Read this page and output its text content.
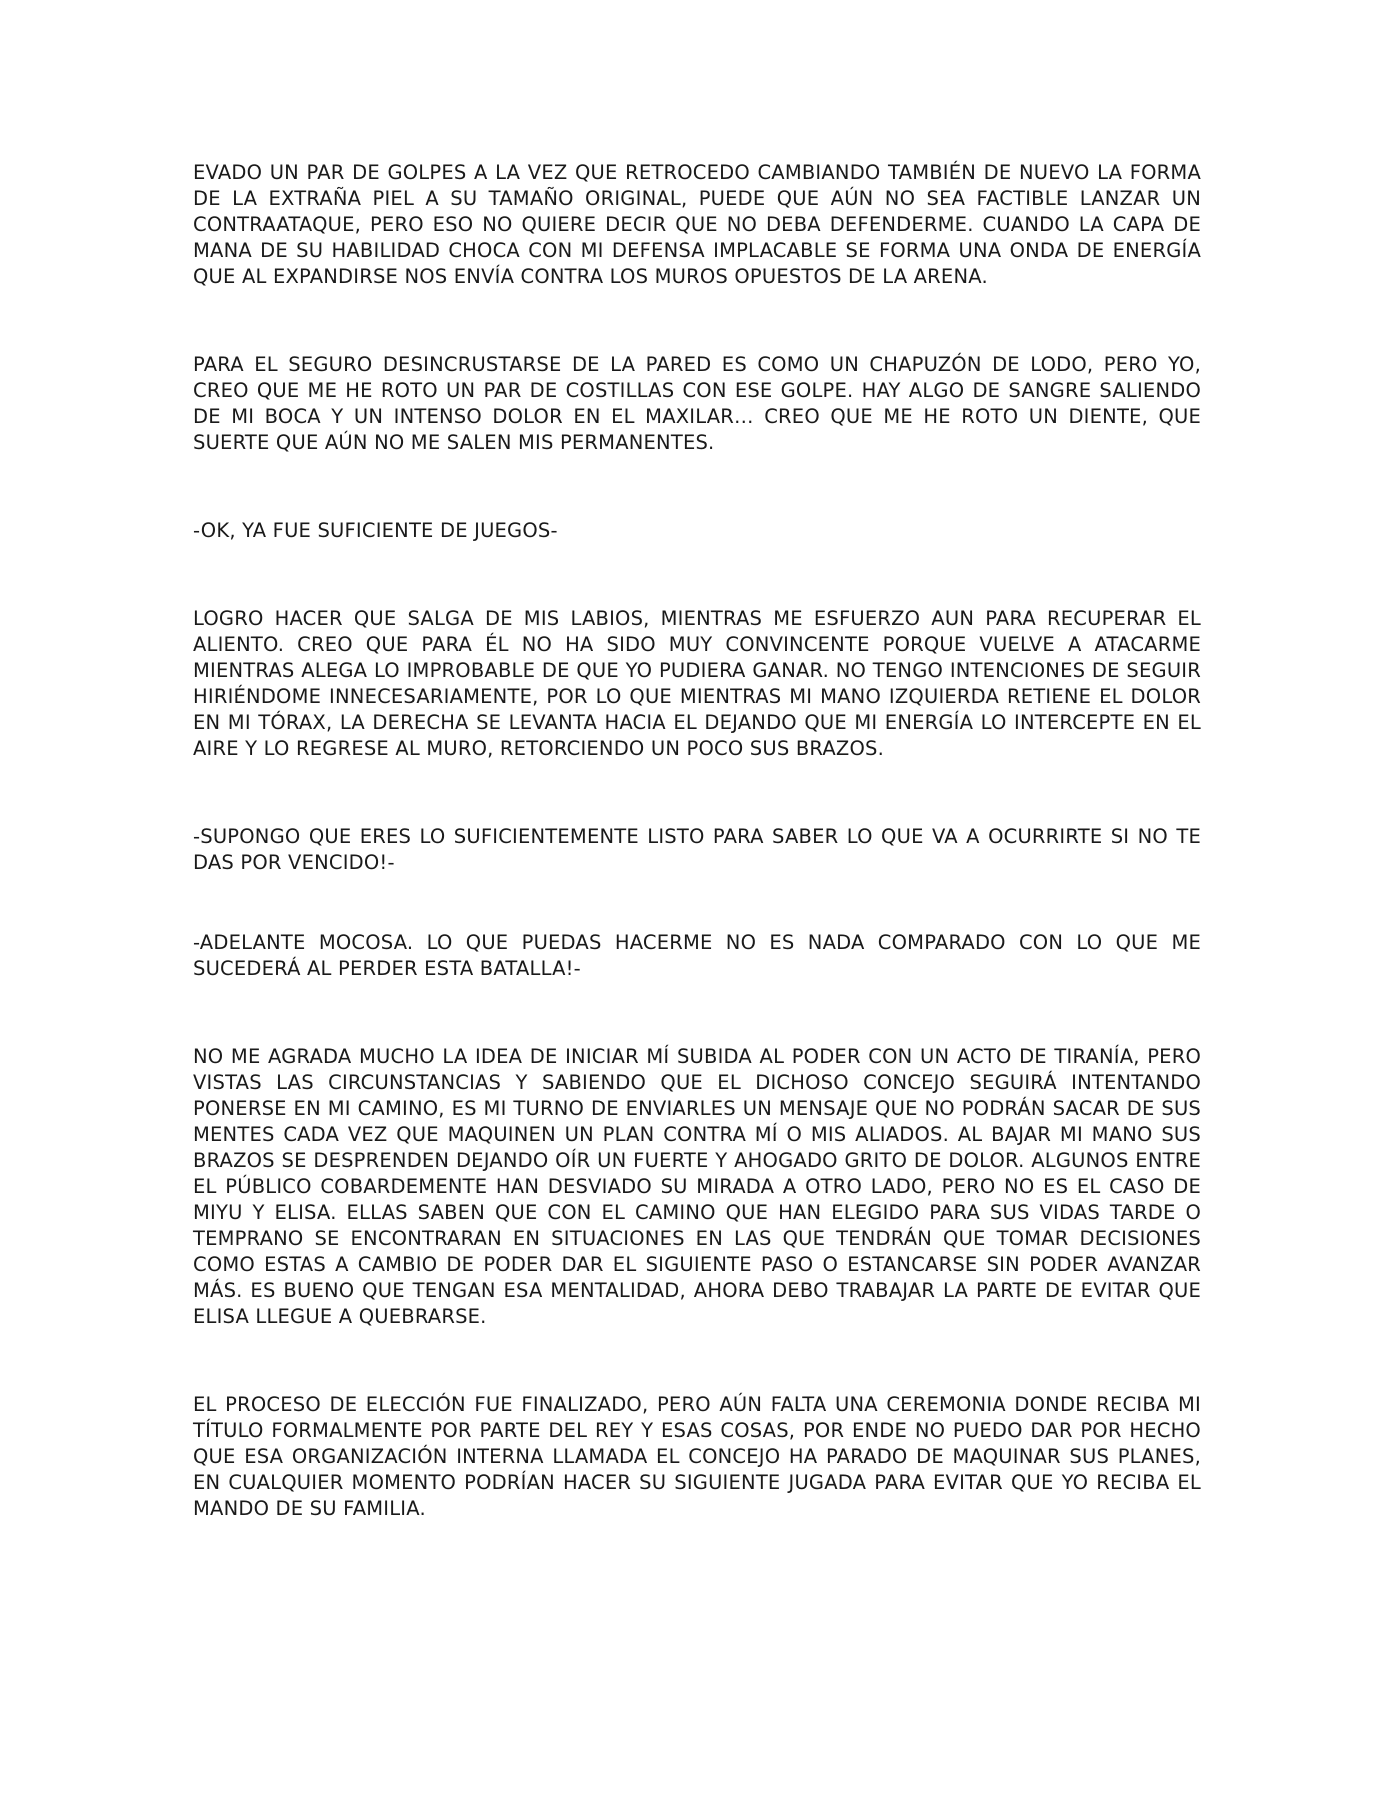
EVADO UN PAR DE GOLPES A LA VEZ QUE RETROCEDO CAMBIANDO TAMBIÉN DE NUEVO LA FORMA DE LA EXTRAÑA PIEL A SU TAMAÑO ORIGINAL, PUEDE QUE AÚN NO SEA FACTIBLE LANZAR UN CONTRAATAQUE, PERO ESO NO QUIERE DECIR QUE NO DEBA DEFENDERME. CUANDO LA CAPA DE MANA DE SU HABILIDAD CHOCA CON MI DEFENSA IMPLACABLE SE FORMA UNA ONDA DE ENERGÍA QUE AL EXPANDIRSE NOS ENVÍA CONTRA LOS MUROS OPUESTOS DE LA ARENA.

PARA EL SEGURO DESINCRUSTARSE DE LA PARED ES COMO UN CHAPUZÓN DE LODO, PERO YO, CREO QUE ME HE ROTO UN PAR DE COSTILLAS CON ESE GOLPE. HAY ALGO DE SANGRE SALIENDO DE MI BOCA Y UN INTENSO DOLOR EN EL MAXILAR… CREO QUE ME HE ROTO UN DIENTE, QUE SUERTE QUE AÚN NO ME SALEN MIS PERMANENTES.

-OK, YA FUE SUFICIENTE DE JUEGOS-

LOGRO HACER QUE SALGA DE MIS LABIOS, MIENTRAS ME ESFUERZO AUN PARA RECUPERAR EL ALIENTO. CREO QUE PARA ÉL NO HA SIDO MUY CONVINCENTE PORQUE VUELVE A ATACARME MIENTRAS ALEGA LO IMPROBABLE DE QUE YO PUDIERA GANAR. NO TENGO INTENCIONES DE SEGUIR HIRIÉNDOME INNECESARIAMENTE, POR LO QUE MIENTRAS MI MANO IZQUIERDA RETIENE EL DOLOR EN MI TÓRAX, LA DERECHA SE LEVANTA HACIA EL DEJANDO QUE MI ENERGÍA LO INTERCEPTE EN EL AIRE Y LO REGRESE AL MURO, RETORCIENDO UN POCO SUS BRAZOS.

-SUPONGO QUE ERES LO SUFICIENTEMENTE LISTO PARA SABER LO QUE VA A OCURRIRTE SI NO TE DAS POR VENCIDO!-

-ADELANTE MOCOSA. LO QUE PUEDAS HACERME NO ES NADA COMPARADO CON LO QUE ME SUCEDERÁ AL PERDER ESTA BATALLA!-

NO ME AGRADA MUCHO LA IDEA DE INICIAR MÍ SUBIDA AL PODER CON UN ACTO DE TIRANÍA, PERO VISTAS LAS CIRCUNSTANCIAS Y SABIENDO QUE EL DICHOSO CONCEJO SEGUIRÁ INTENTANDO PONERSE EN MI CAMINO, ES MI TURNO DE ENVIARLES UN MENSAJE QUE NO PODRÁN SACAR DE SUS MENTES CADA VEZ QUE MAQUINEN UN PLAN CONTRA MÍ O MIS ALIADOS. AL BAJAR MI MANO SUS BRAZOS SE DESPRENDEN DEJANDO OÍR UN FUERTE Y AHOGADO GRITO DE DOLOR. ALGUNOS ENTRE EL PÚBLICO COBARDEMENTE HAN DESVIADO SU MIRADA A OTRO LADO, PERO NO ES EL CASO DE MIYU Y ELISA. ELLAS SABEN QUE CON EL CAMINO QUE HAN ELEGIDO PARA SUS VIDAS TARDE O TEMPRANO SE ENCONTRARAN EN SITUACIONES EN LAS QUE TENDRÁN QUE TOMAR DECISIONES COMO ESTAS A CAMBIO DE PODER DAR EL SIGUIENTE PASO O ESTANCARSE SIN PODER AVANZAR MÁS. ES BUENO QUE TENGAN ESA MENTALIDAD, AHORA DEBO TRABAJAR LA PARTE DE EVITAR QUE ELISA LLEGUE A QUEBRARSE.

EL PROCESO DE ELECCIÓN FUE FINALIZADO, PERO AÚN FALTA UNA CEREMONIA DONDE RECIBA MI TÍTULO FORMALMENTE POR PARTE DEL REY Y ESAS COSAS, POR ENDE NO PUEDO DAR POR HECHO QUE ESA ORGANIZACIÓN INTERNA LLAMADA EL CONCEJO HA PARADO DE MAQUINAR SUS PLANES, EN CUALQUIER MOMENTO PODRÍAN HACER SU SIGUIENTE JUGADA PARA EVITAR QUE YO RECIBA EL MANDO DE SU FAMILIA.
